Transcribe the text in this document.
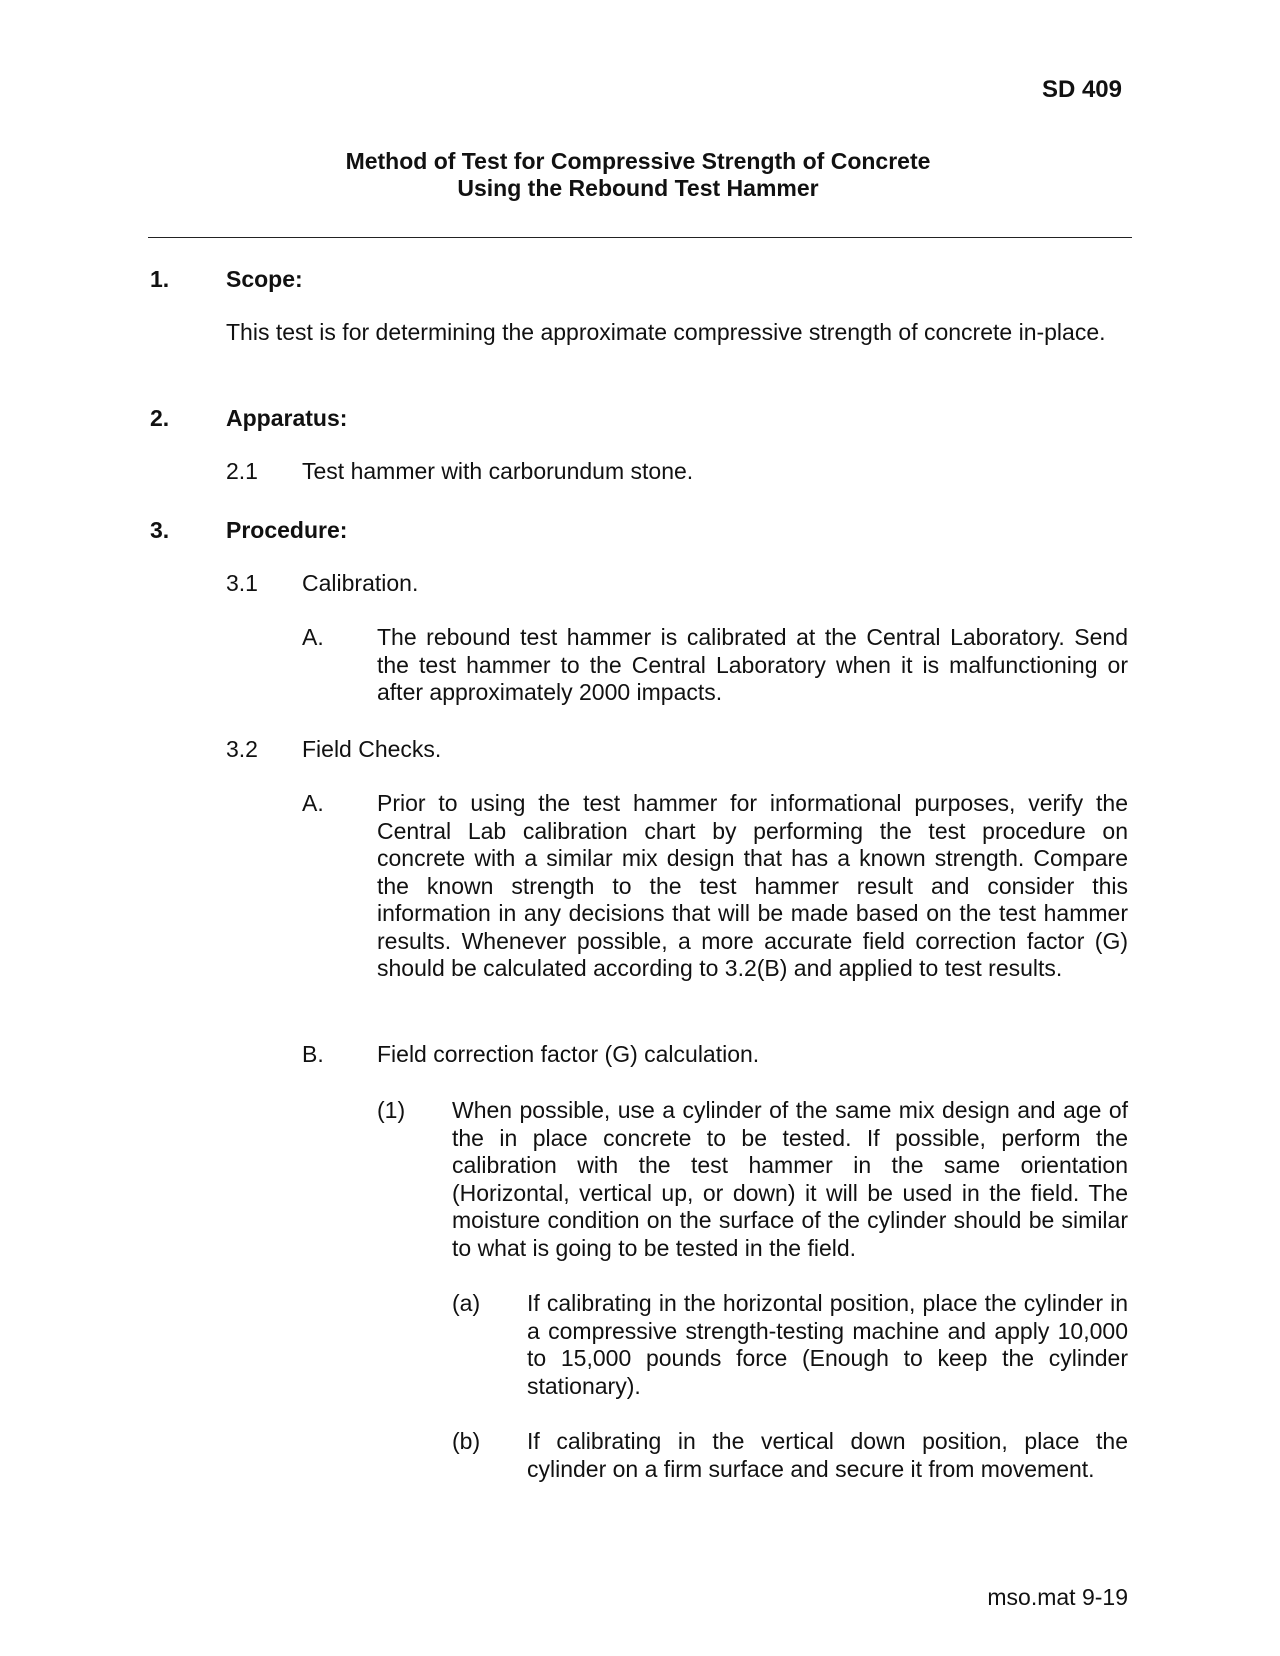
SD 409
Method of Test for Compressive Strength of Concrete
Using the Rebound Test Hammer
1. Scope:

This test is for determining the approximate compressive strength of concrete in-place.

2. Apparatus:
2.1 Test hammer with carborundum stone.
3. Procedure:
3.1 Calibration.
A. The rebound test hammer is calibrated at the Central Laboratory. Send the test hammer to the Central Laboratory when it is malfunctioning or after approximately 2000 impacts.

3.2 Field Checks.
A. Prior to using the test hammer for informational purposes, verify the Central Lab calibration chart by performing the test procedure on concrete with a similar mix design that has a known strength. Compare the known strength to the test hammer result and consider this information in any decisions that will be made based on the test hammer results. Whenever possible, a more accurate field correction factor (G) should be calculated according to 3.2(B) and applied to test results.

B. Field correction factor (G) calculation.
(1) When possible, use a cylinder of the same mix design and age of the in place concrete to be tested. If possible, perform the calibration with the test hammer in the same orientation (Horizontal, vertical up, or down) it will be used in the field. The moisture condition on the surface of the cylinder should be similar to what is going to be tested in the field.

(a) If calibrating in the horizontal position, place the cylinder in a compressive strength-testing machine and apply 10,000 to 15,000 pounds force (Enough to keep the cylinder stationary).

(b) If calibrating in the vertical down position, place the cylinder on a firm surface and secure it from movement.

mso.mat 9-19
